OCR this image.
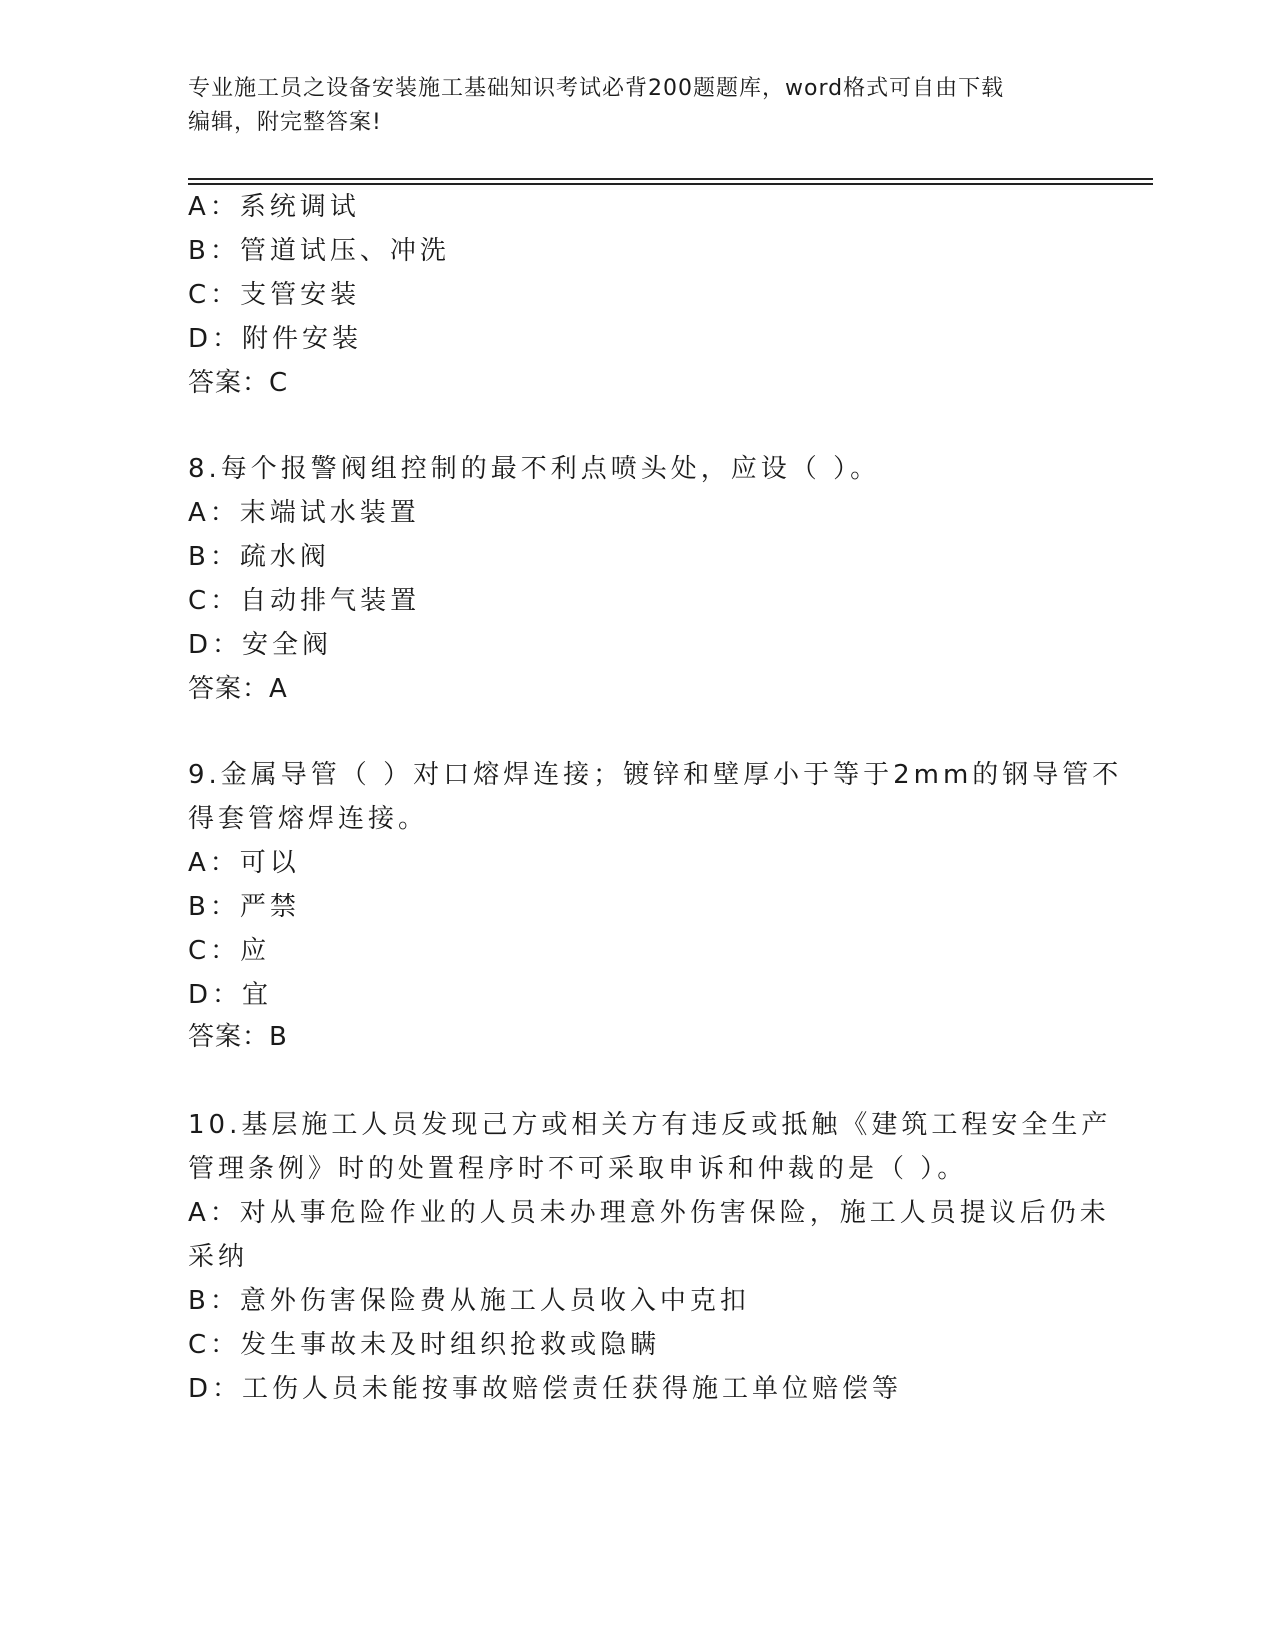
专业施工员之设备安装施工基础知识考试必背200题题库，word格式可自由下载
编辑，附完整答案!
A：系统调试
B：管道试压、冲洗
C：支管安装
D：附件安装
答案：C
8.每个报警阀组控制的最不利点喷头处，应设（ ）。
A：末端试水装置
B：疏水阀
C：自动排气装置
D：安全阀
答案：A
9.金属导管（ ）对口熔焊连接；镀锌和壁厚小于等于2mm的钢导管不
得套管熔焊连接。
A：可以
B：严禁
C：应
D：宜
答案：B
10.基层施工人员发现己方或相关方有违反或抵触《建筑工程安全生产
管理条例》时的处置程序时不可采取申诉和仲裁的是（ ）。
A：对从事危险作业的人员未办理意外伤害保险，施工人员提议后仍未
采纳
B：意外伤害保险费从施工人员收入中克扣
C：发生事故未及时组织抢救或隐瞒
D：工伤人员未能按事故赔偿责任获得施工单位赔偿等
